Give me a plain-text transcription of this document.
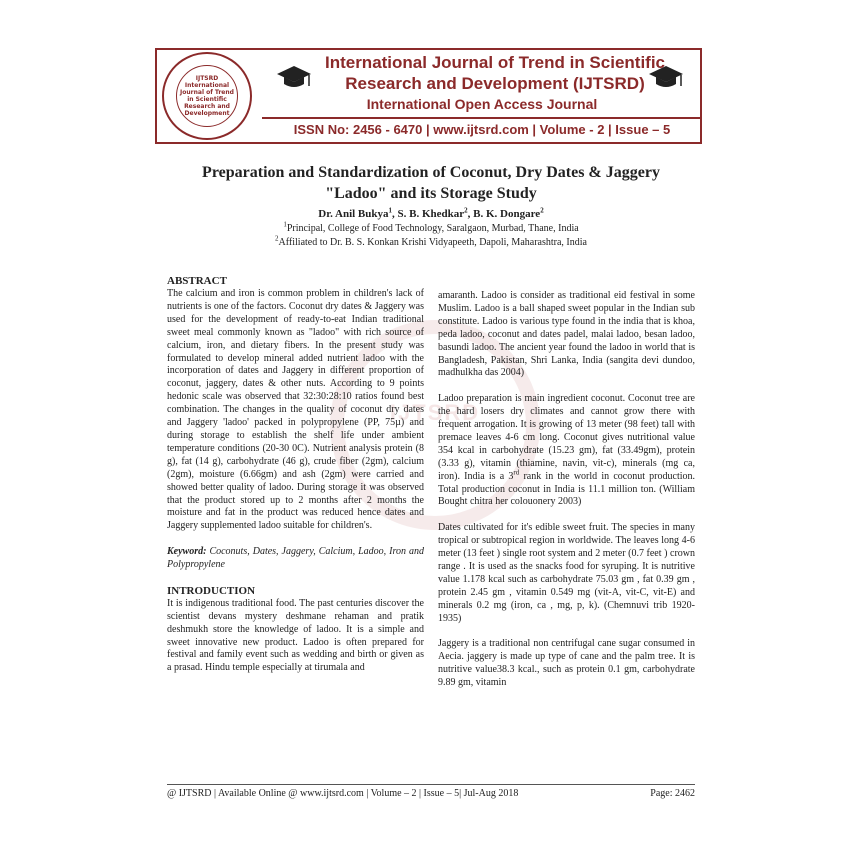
IJTSRD International Journal of Trend in Scientific Research and Development
International Journal of Trend in Scientific
Research and Development (IJTSRD)
International Open Access Journal
ISSN No: 2456 - 6470 | www.ijtsrd.com | Volume - 2 | Issue – 5
IJTSRD
Preparation and Standardization of Coconut, Dry Dates & Jaggery
"Ladoo" and its Storage Study
Dr. Anil Bukya$^1$, S. B. Khedkar$^2$, B. K. Dongare$^2$
$^1$Principal, College of Food Technology, Saralgaon, Murbad, Thane, India
$^2$Affiliated to Dr. B. S. Konkan Krishi Vidyapeeth, Dapoli, Maharashtra, India
ABSTRACT

The calcium and iron is common problem in children's lack of nutrients is one of the factors. Coconut dry dates & Jaggery was used for the development of ready-to-eat Indian traditional sweet meal commonly known as "ladoo" with rich source of calcium, iron, and dietary fibers. In the present study was formulated to develop mineral added nutrient ladoo with the incorporation of dates and Jaggery in different proportion of coconut, jaggery, dates & other nuts. According to 9 points hedonic scale was observed that 32:30:28:10 ratios found best combination. The changes in the quality of coconut dry dates and Jaggery 'ladoo' packed in polypropylene (PP, 75µ) and during storage to establish the shelf life under ambient temperature conditions (20-30 0C). Nutrient analysis protein (8 g), fat (14 g), carbohydrate (46 g), crude fiber (2gm), calcium (2gm), moisture (6.66gm) and ash (2gm) were carried and showed better quality of ladoo. During storage it was observed that the product stored up to 2 months after 2 months the moisture and fat in the product was reduced hence dates and Jaggery supplemented ladoo suitable for children's.

Keyword: Coconuts, Dates, Jaggery, Calcium, Ladoo, Iron and Polypropylene

INTRODUCTION

It is indigenous traditional food. The past centuries discover the scientist devans mystery deshmane rehaman and pratik deshmukh store the knowledge of ladoo. It is a simple and sweet innovative new product. Ladoo is often prepared for festival and family event such as wedding and birth or given as a prasad. Hindu temple especially at tirumala and

amaranth. Ladoo is consider as traditional eid festival in some Muslim. Ladoo is a ball shaped sweet popular in the Indian sub constitute. Ladoo is various type found in the india that is khoa, peda ladoo, coconut and dates padel, malai ladoo, besan ladoo, basundi ladoo. The ancient year found the ladoo in world that is Bangladesh, Pakistan, Shri Lanka, India (sangita devi dundoo, madhulkha das 2004)

Ladoo preparation is main ingredient coconut. Coconut tree are the hard losers dry climates and cannot grow there with frequent arrogation. It is growing of 13 meter (98 feet) tall with premace leaves 4-6 cm long. Coconut gives nutritional value 354 kcal in carbohydrate (15.23 gm), fat (33.49gm), protein (3.33 g), vitamin (thiamine, navin, vit-c), minerals (mg ca, iron). India is a 3rd rank in the world in coconut production. Total production coconut in India is 11.1 million ton. (William Bought chitra her colouonery 2003)

Dates cultivated for it's edible sweet fruit. The species in many tropical or subtropical region in worldwide. The leaves long 4-6 meter (13 feet ) single root system and 2 meter (0.7 feet ) crown range . It is used as the snacks food for syruping. It is nutritive value 1.178 kcal such as carbohydrate 75.03 gm , fat 0.39 gm , protein 2.45 gm , vitamin 0.549 mg (vit-A, vit-C, vit-E) and minerals 0.2 mg (iron, ca , mg, p, k). (Chemnuvi trib 1920-1935)

Jaggery is a traditional non centrifugal cane sugar consumed in Aecia. jaggery is made up type of cane and the palm tree. It is nutritive value38.3 kcal., such as protein 0.1 gm, carbohydrate 9.89 gm, vitamin

@ IJTSRD | Available Online @ www.ijtsrd.com | Volume – 2 | Issue – 5| Jul-Aug 2018	Page: 2462
